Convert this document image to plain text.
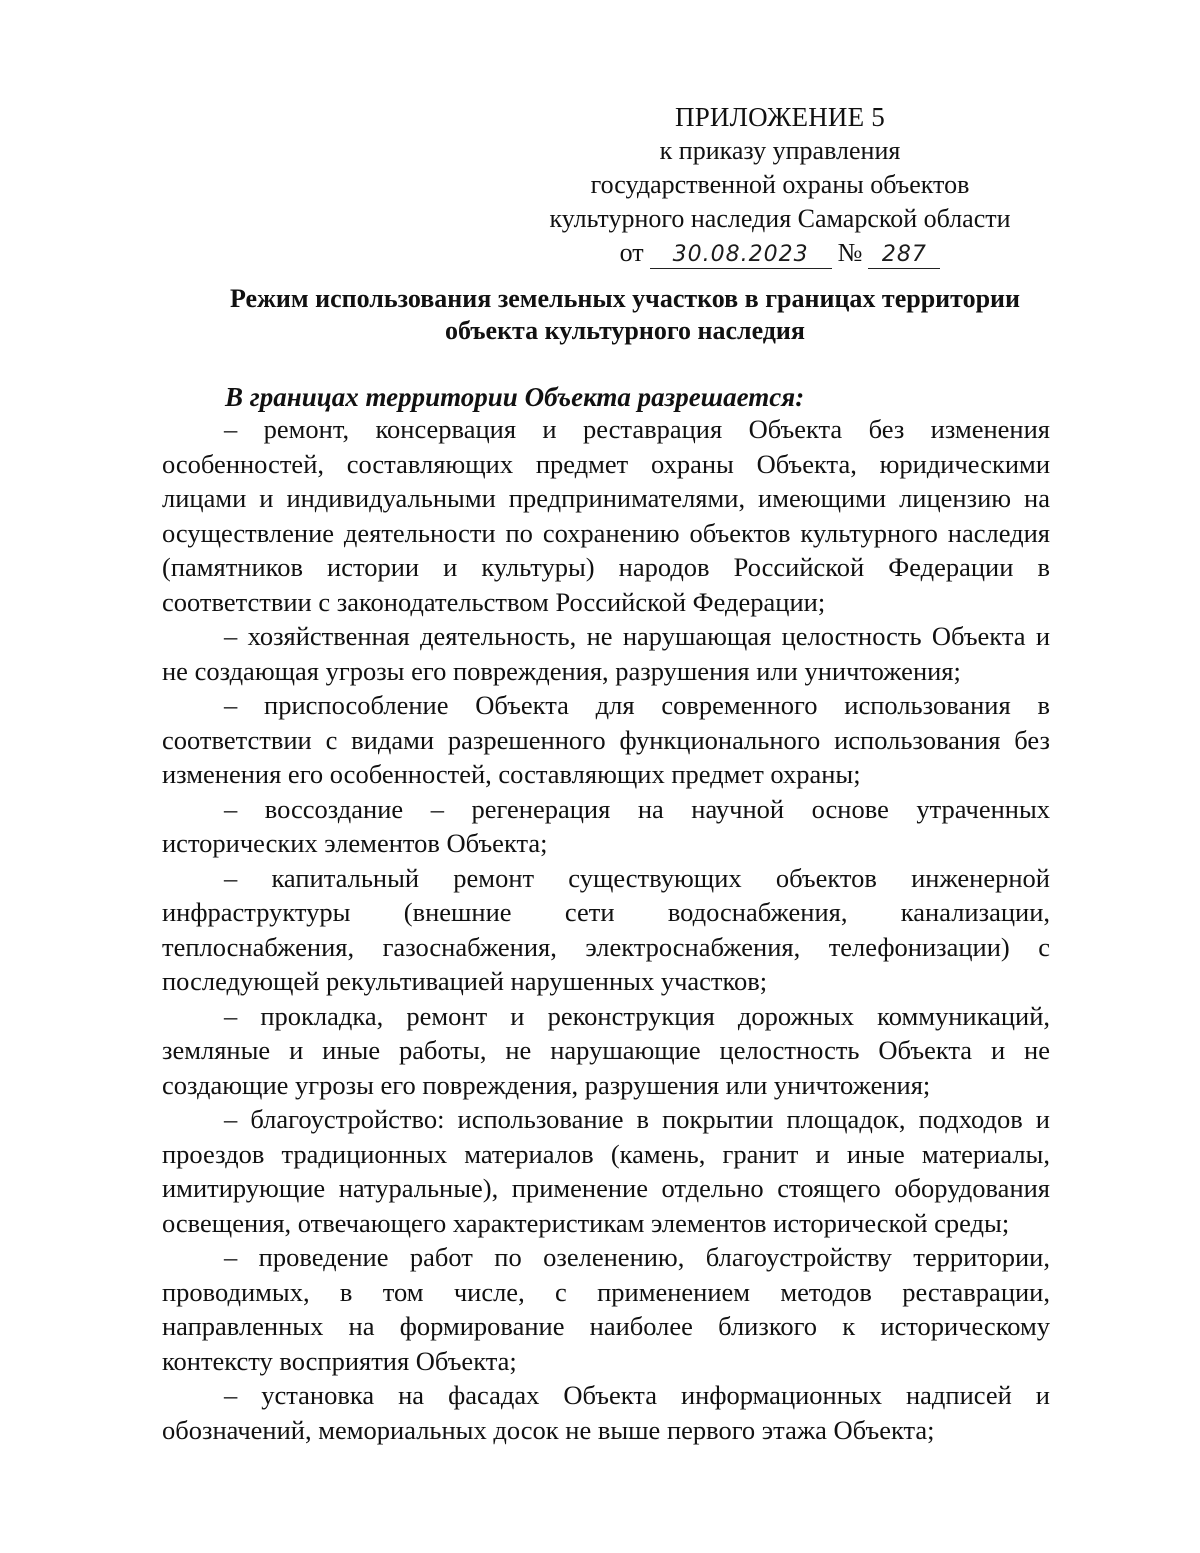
ПРИЛОЖЕНИЕ 5
к приказу управления
государственной охраны объектов
культурного наследия Самарской области
от	30.08.2023	№ 287
Режим использования земельных участков в границах территории
объекта культурного наследия
В границах территории Объекта разрешается:

– ремонт, консервация и реставрация Объекта без изменения особенностей, составляющих предмет охраны Объекта, юридическими лицами и индивидуальными предпринимателями, имеющими лицензию на осуществление деятельности по сохранению объектов культурного наследия (памятников истории и культуры) народов Российской Федерации в соответствии с законодательством Российской Федерации;

– хозяйственная деятельность, не нарушающая целостность Объекта и не создающая угрозы его повреждения, разрушения или уничтожения;

– приспособление Объекта для современного использования в соответствии с видами разрешенного функционального использования без изменения его особенностей, составляющих предмет охраны;

– воссоздание – регенерация на научной основе утраченных исторических элементов Объекта;

– капитальный ремонт существующих объектов инженерной инфраструктуры (внешние сети водоснабжения, канализации, теплоснабжения, газоснабжения, электроснабжения, телефонизации) с последующей рекультивацией нарушенных участков;

– прокладка, ремонт и реконструкция дорожных коммуникаций, земляные и иные работы, не нарушающие целостность Объекта и не создающие угрозы его повреждения, разрушения или уничтожения;

– благоустройство: использование в покрытии площадок, подходов и проездов традиционных материалов (камень, гранит и иные материалы, имитирующие натуральные), применение отдельно стоящего оборудования освещения, отвечающего характеристикам элементов исторической среды;

– проведение работ по озеленению, благоустройству территории, проводимых, в том числе, с применением методов реставрации, направленных на формирование наиболее близкого к историческому контексту восприятия Объекта;

– установка на фасадах Объекта информационных надписей и обозначений, мемориальных досок не выше первого этажа Объекта;
